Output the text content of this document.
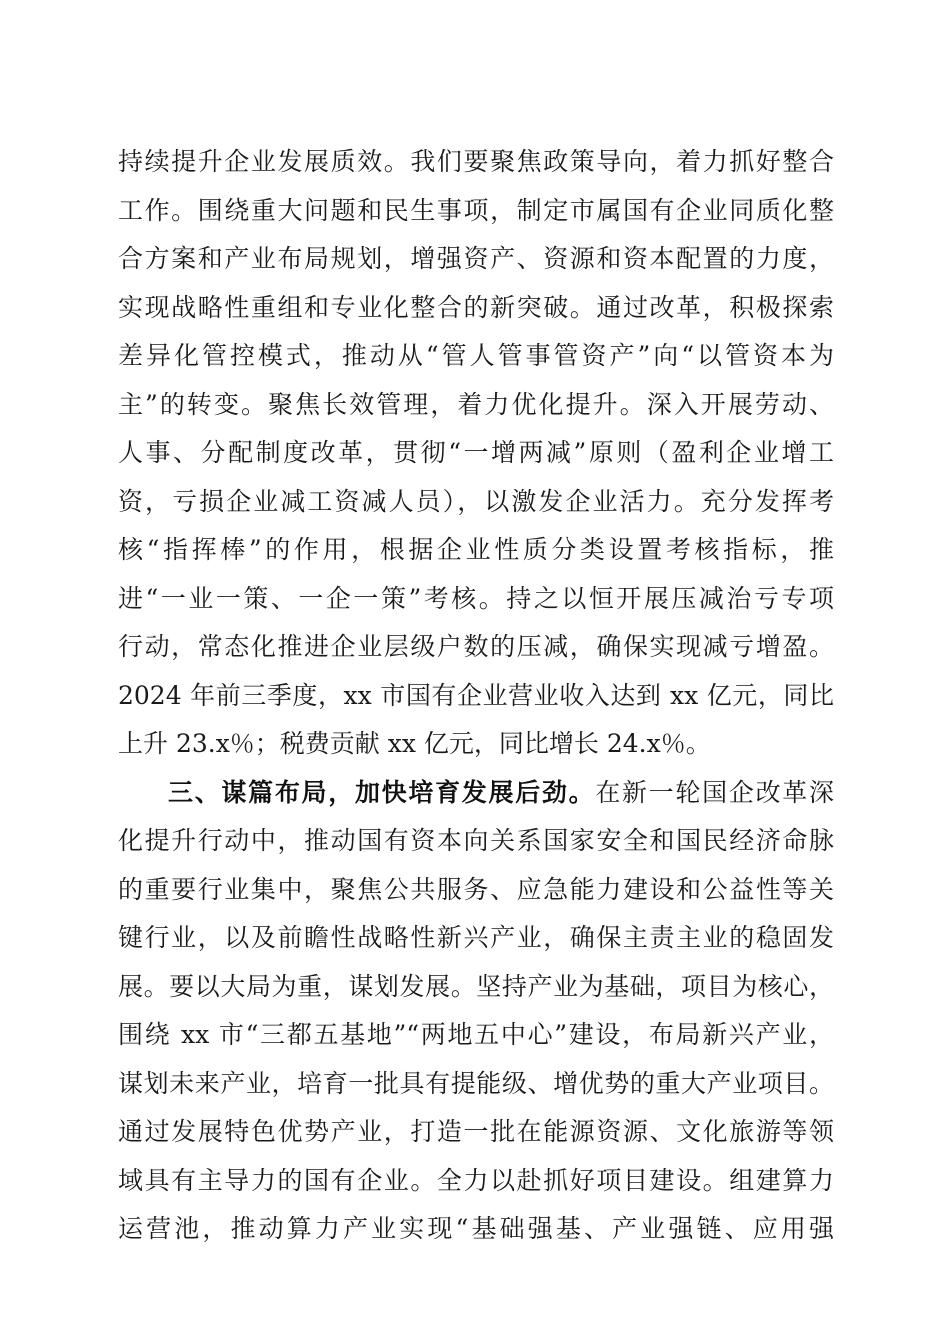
持续提升企业发展质效。我们要聚焦政策导向，着力抓好整合
工作。围绕重大问题和民生事项，制定市属国有企业同质化整
合方案和产业布局规划，增强资产、资源和资本配置的力度，
实现战略性重组和专业化整合的新突破。通过改革，积极探索
差异化管控模式，推动从“管人管事管资产”向“以管资本为
主”的转变。聚焦长效管理，着力优化提升。深入开展劳动、
人事、分配制度改革，贯彻“一增两减”原则（盈利企业增工
资，亏损企业减工资减人员），以激发企业活力。充分发挥考
核“指挥棒”的作用，根据企业性质分类设置考核指标，推
进“一业一策、一企一策”考核。持之以恒开展压减治亏专项
行动，常态化推进企业层级户数的压减，确保实现减亏增盈。
2024 年前三季度，xx 市国有企业营业收入达到 xx 亿元，同比
上升 23.x％；税费贡献 xx 亿元，同比增长 24.x％。
三、谋篇布局，加快培育发展后劲。在新一轮国企改革深
化提升行动中，推动国有资本向关系国家安全和国民经济命脉
的重要行业集中，聚焦公共服务、应急能力建设和公益性等关
键行业，以及前瞻性战略性新兴产业，确保主责主业的稳固发
展。要以大局为重，谋划发展。坚持产业为基础，项目为核心，
围绕 xx 市“三都五基地”“两地五中心”建设，布局新兴产业，
谋划未来产业，培育一批具有提能级、增优势的重大产业项目。
通过发展特色优势产业，打造一批在能源资源、文化旅游等领
域具有主导力的国有企业。全力以赴抓好项目建设。组建算力
运营池，推动算力产业实现“基础强基、产业强链、应用强
